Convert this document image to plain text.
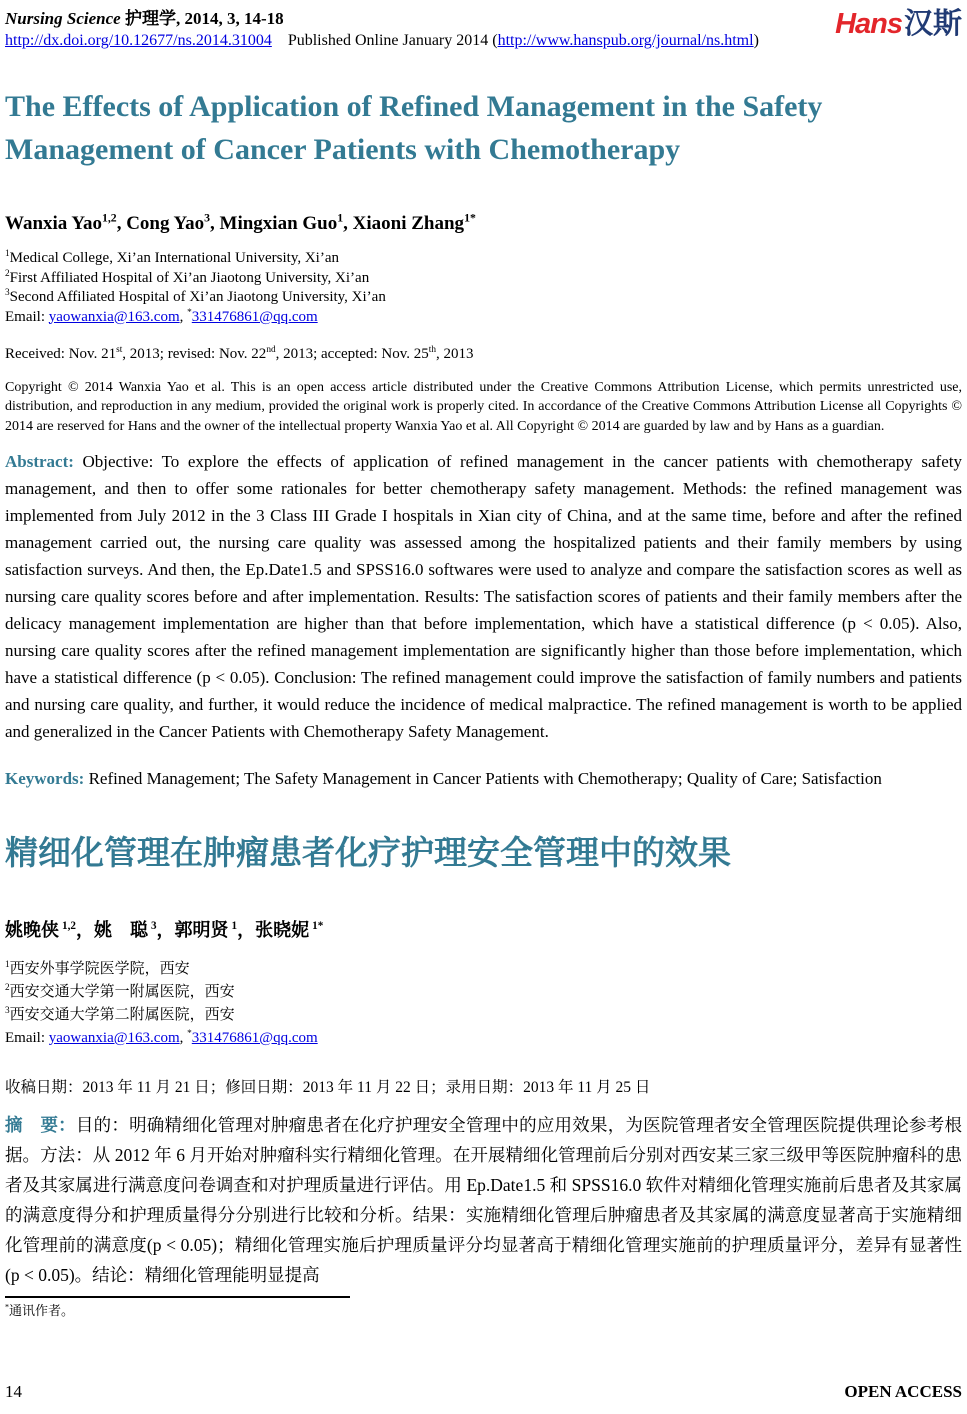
Nursing Science 护理学, 2014, 3, 14-18
http://dx.doi.org/10.12677/ns.2014.31004 Published Online January 2014 (http://www.hanspub.org/journal/ns.html)
Hans汉斯
The Effects of Application of Refined Management in the Safety Management of Cancer Patients with Chemotherapy
Wanxia Yao$^{1,2}$, Cong Yao$^3$, Mingxian Guo$^1$, Xiaoni Zhang$^{1*}$
$^1$Medical College, Xi’an International University, Xi’an
$^2$First Affiliated Hospital of Xi’an Jiaotong University, Xi’an
$^3$Second Affiliated Hospital of Xi’an Jiaotong University, Xi’an
Email: yaowanxia@163.com, *331476861@qq.com
Received: Nov. 21st, 2013; revised: Nov. 22nd, 2013; accepted: Nov. 25th, 2013
Copyright © 2014 Wanxia Yao et al. This is an open access article distributed under the Creative Commons Attribution License, which permits unrestricted use, distribution, and reproduction in any medium, provided the original work is properly cited. In accordance of the Creative Commons Attribution License all Copyrights © 2014 are reserved for Hans and the owner of the intellectual property Wanxia Yao et al. All Copyright © 2014 are guarded by law and by Hans as a guardian.
Abstract: Objective: To explore the effects of application of refined management in the cancer patients with chemotherapy safety management, and then to offer some rationales for better chemotherapy safety management. Methods: the refined management was implemented from July 2012 in the 3 Class III Grade I hospitals in Xian city of China, and at the same time, before and after the refined management carried out, the nursing care quality was assessed among the hospitalized patients and their family members by using satisfaction surveys. And then, the Ep.Date1.5 and SPSS16.0 softwares were used to analyze and compare the satisfaction scores as well as nursing care quality scores before and after implementation. Results: The satisfaction scores of patients and their family members after the delicacy management implementation are higher than that before implementation, which have a statistical difference (p < 0.05). Also, nursing care quality scores after the refined management implementation are significantly higher than those before implementation, which have a statistical difference (p < 0.05). Conclusion: The refined management could improve the satisfaction of family numbers and patients and nursing care quality, and further, it would reduce the incidence of medical malpractice. The refined management is worth to be applied and generalized in the Cancer Patients with Chemotherapy Safety Management.
Keywords: Refined Management; The Safety Management in Cancer Patients with Chemotherapy; Quality of Care; Satisfaction
精细化管理在肿瘤患者化疗护理安全管理中的效果
姚晚侠 $^{1,2}$，姚　聪 $^3$，郭明贤 $^1$，张晓妮 $^{1*}$
$^1$西安外事学院医学院，西安
$^2$西安交通大学第一附属医院，西安
$^3$西安交通大学第二附属医院，西安
Email: yaowanxia@163.com, *331476861@qq.com
收稿日期：2013 年 11 月 21 日；修回日期：2013 年 11 月 22 日；录用日期：2013 年 11 月 25 日
摘　要：目的：明确精细化管理对肿瘤患者在化疗护理安全管理中的应用效果，为医院管理者安全管理医院提供理论参考根据。方法：从 2012 年 6 月开始对肿瘤科实行精细化管理。在开展精细化管理前后分别对西安某三家三级甲等医院肿瘤科的患者及其家属进行满意度问卷调查和对护理质量进行评估。用 Ep.Date1.5 和 SPSS16.0 软件对精细化管理实施前后患者及其家属的满意度得分和护理质量得分分别进行比较和分析。结果：实施精细化管理后肿瘤患者及其家属的满意度显著高于实施精细化管理前的满意度(p < 0.05)；精细化管理实施后护理质量评分均显著高于精细化管理实施前的护理质量评分，差异有显著性(p < 0.05)。结论：精细化管理能明显提高
*通讯作者。
14	OPEN ACCESS
